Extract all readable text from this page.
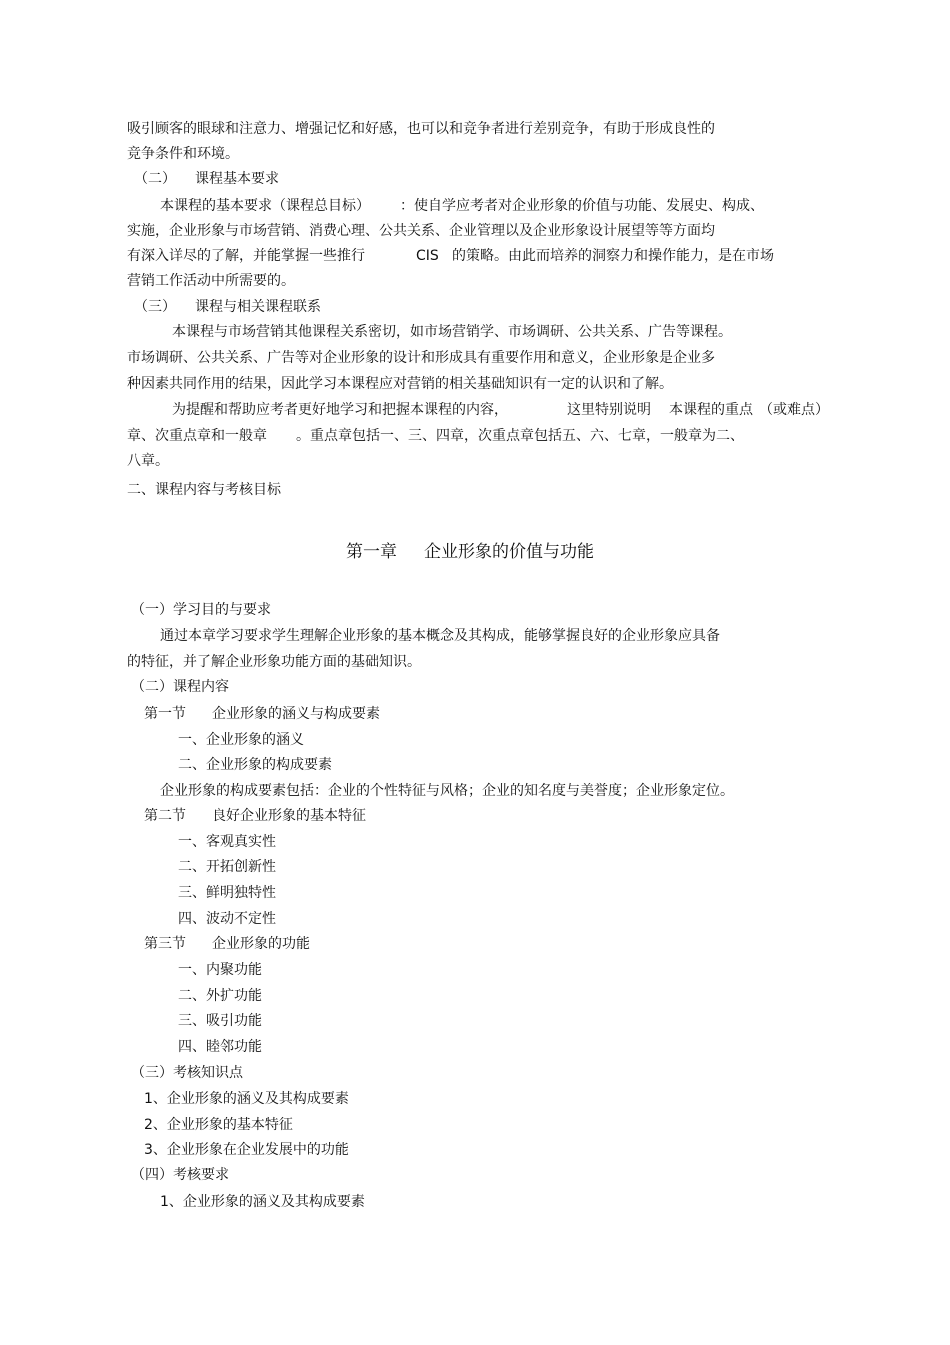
吸引顾客的眼球和注意力、增强记忆和好感，也可以和竞争者进行差别竞争，有助于形成良性的
竞争条件和环境。
（二） 课程基本要求
本课程的基本要求（课程总目标） ：使自学应考者对企业形象的价值与功能、发展史、构成、
实施，企业形象与市场营销、消费心理、公共关系、企业管理以及企业形象设计展望等等方面均
有深入详尽的了解，并能掌握一些推行	CIS 的策略。由此而培养的洞察力和操作能力，是在市场
营销工作活动中所需要的。
（三） 课程与相关课程联系
本课程与市场营销其他课程关系密切，如市场营销学、市场调研、公共关系、广告等课程。
市场调研、公共关系、广告等对企业形象的设计和形成具有重要作用和意义，企业形象是企业多
种因素共同作用的结果，因此学习本课程应对营销的相关基础知识有一定的认识和了解。
为提醒和帮助应考者更好地学习和把握本课程的内容，	这里特别说明 本课程的重点 （或难点）
章、次重点章和一般章 。重点章包括一、三、四章，次重点章包括五、六、七章，一般章为二、
八章。
二、课程内容与考核目标
第一章 企业形象的价值与功能
（一）学习目的与要求
通过本章学习要求学生理解企业形象的基本概念及其构成，能够掌握良好的企业形象应具备
的特征，并了解企业形象功能方面的基础知识。
（二）课程内容
第一节 企业形象的涵义与构成要素
一、企业形象的涵义
二、企业形象的构成要素
企业形象的构成要素包括：企业的个性特征与风格；企业的知名度与美誉度；企业形象定位。
第二节 良好企业形象的基本特征
一、客观真实性
二、开拓创新性
三、鲜明独特性
四、波动不定性
第三节 企业形象的功能
一、内聚功能
二、外扩功能
三、吸引功能
四、睦邻功能
（三）考核知识点
1、企业形象的涵义及其构成要素
2、企业形象的基本特征
3、企业形象在企业发展中的功能
（四）考核要求
1、企业形象的涵义及其构成要素
